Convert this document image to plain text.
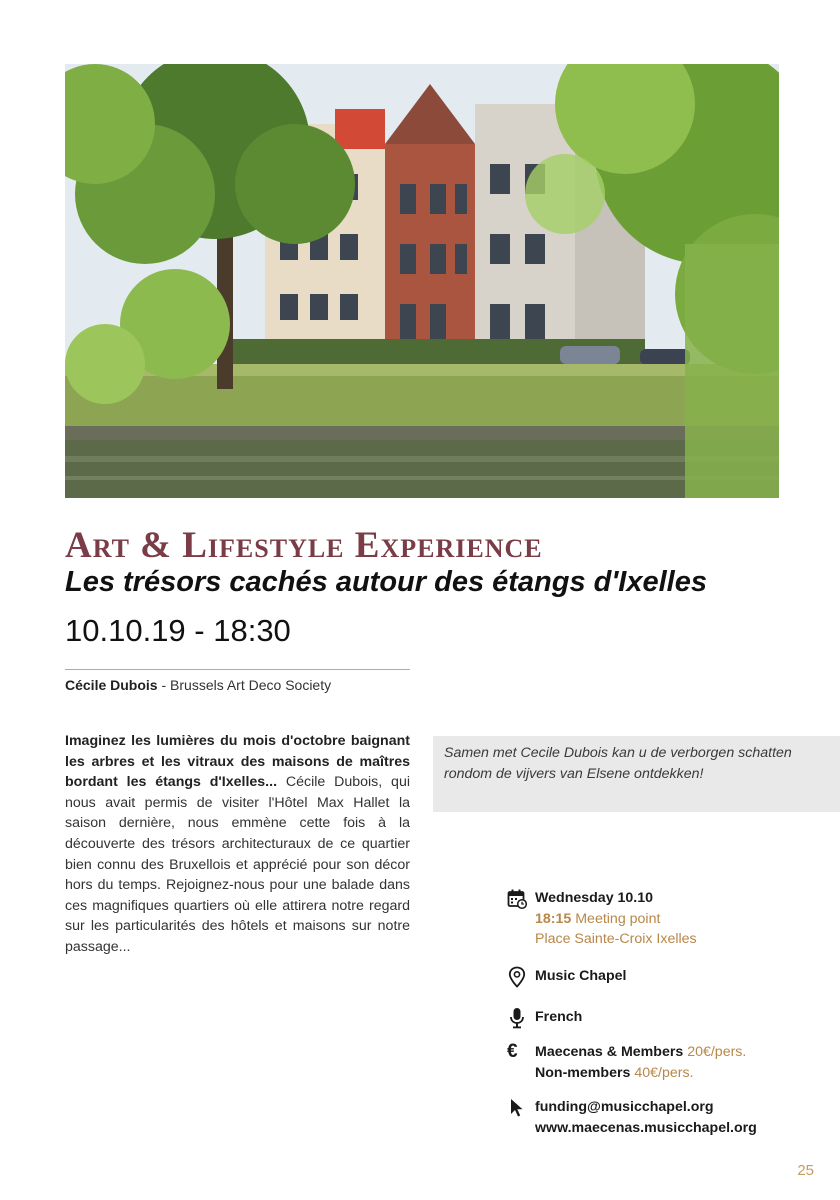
Art & Lifestyle Experience
Les trésors cachés autour des étangs d'Ixelles

10.10.19 - 18:30

Cécile Dubois - Brussels Art Deco Society
Imaginez les lumières du mois d'octobre baignant les arbres et les vitraux des maisons de maîtres bordant les étangs d'Ixelles... Cécile Dubois, qui nous avait permis de visiter l'Hôtel Max Hallet la saison dernière, nous emmène cette fois à la découverte des trésors architecturaux de ce quartier bien connu des Bruxellois et apprécié pour son décor hors du temps. Rejoignez-nous pour une balade dans ces magnifiques quartiers où elle attirera notre regard sur les particularités des hôtels et maisons sur notre passage...
Samen met Cecile Dubois kan u de verborgen schatten rondom de vijvers van Elsene ontdekken!
Wednesday 10.10
18:15 Meeting point
Place Sainte-Croix Ixelles
Music Chapel
French
€	Maecenas & Members 20€/pers.
Non-members 40€/pers.
funding@musicchapel.org
www.maecenas.musicchapel.org
25
